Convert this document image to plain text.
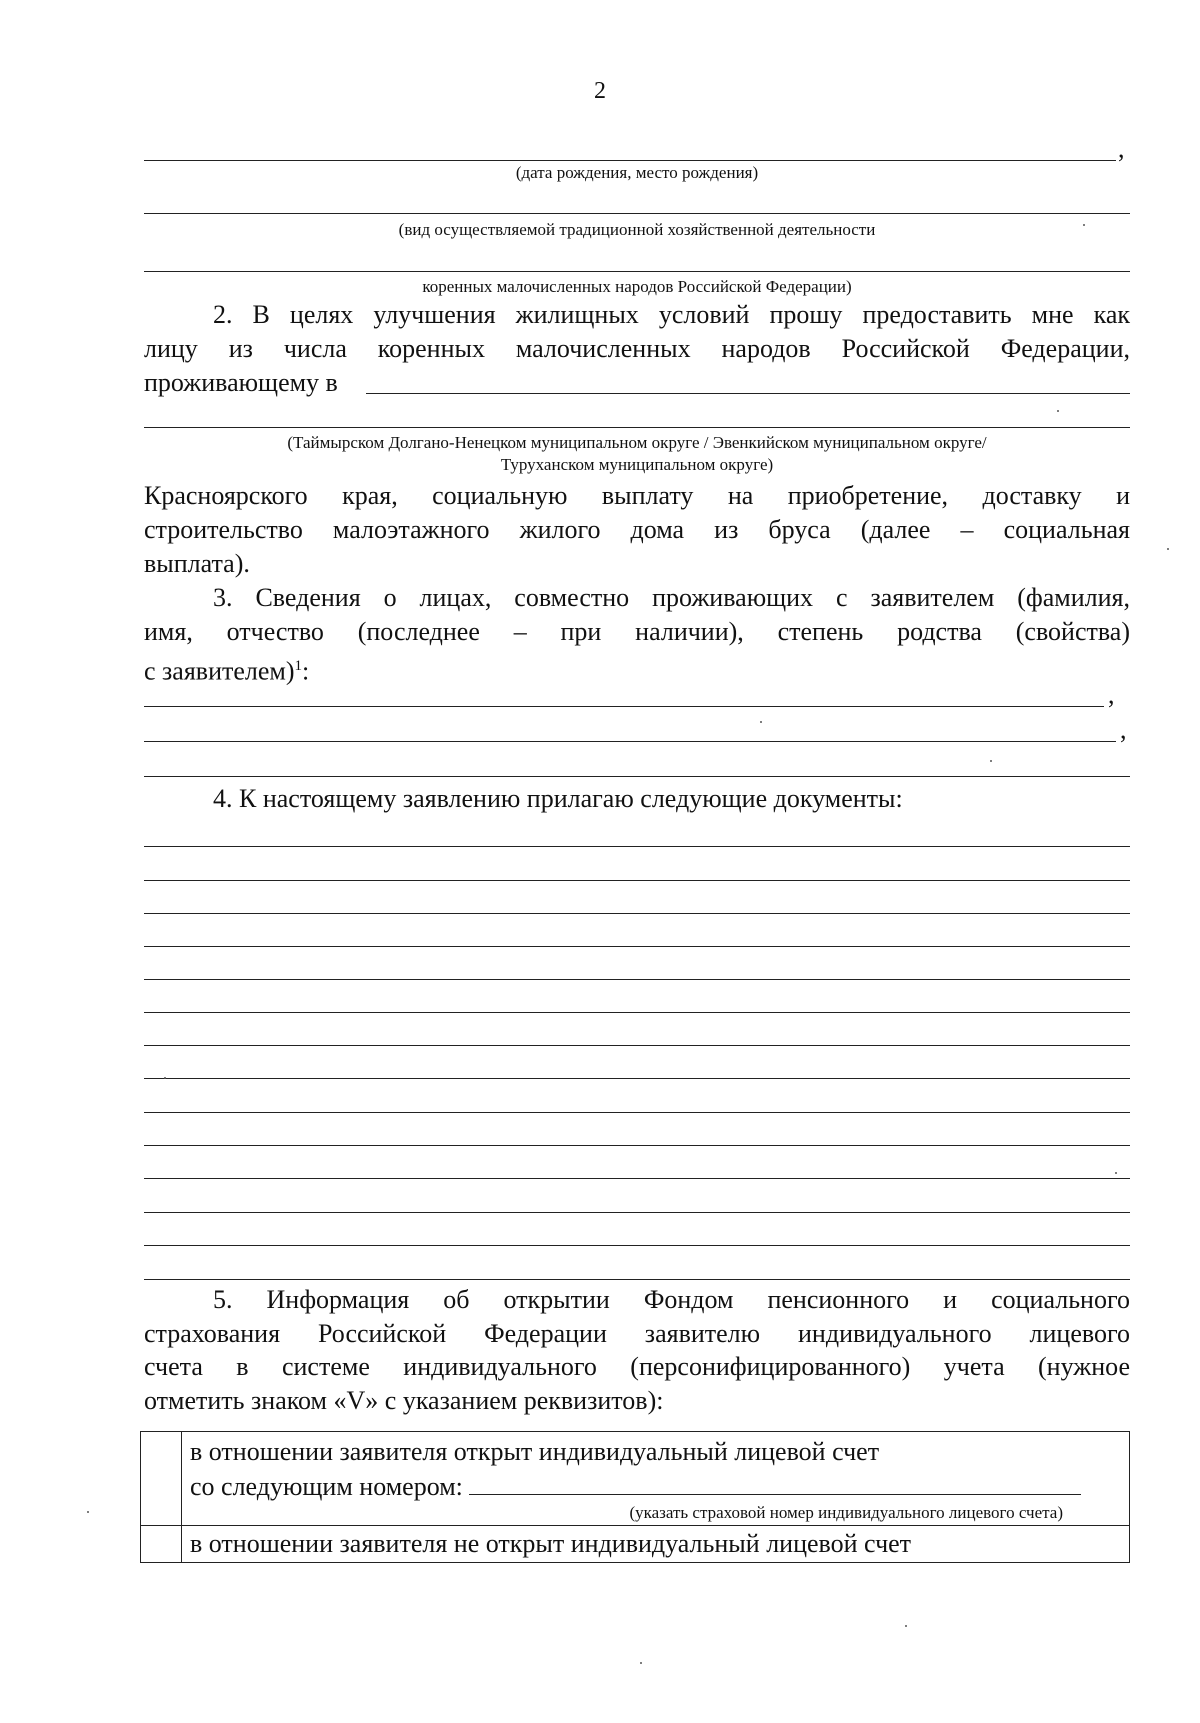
2
,
(дата рождения, место рождения)
(вид осуществляемой традиционной хозяйственной деятельности
коренных малочисленных народов Российской Федерации)
2. В целях улучшения жилищных условий прошу предоставить мне как
лицу из числа коренных малочисленных народов Российской Федерации,
проживающему в
(Таймырском Долгано-Ненецком муниципальном округе / Эвенкийском муниципальном округе/
Туруханском муниципальном округе)
Красноярского края, социальную выплату на приобретение, доставку и
строительство малоэтажного жилого дома из бруса (далее – социальная
выплата).
3. Сведения о лицах, совместно проживающих с заявителем (фамилия,
имя, отчество (последнее – при наличии), степень родства (свойства)
с заявителем)$^1$:
,
,
4. К настоящему заявлению прилагаю следующие документы:
5. Информация об открытии Фондом пенсионного и социального
страхования Российской Федерации заявителю индивидуального лицевого
счета в системе индивидуального (персонифицированного) учета (нужное
отметить знаком «V» с указанием реквизитов):

	в отношении заявителя открыт индивидуальный лицевой счет
со следующим номером:
(указать страховой номер индивидуального лицевого счета)

	в отношении заявителя не открыт индивидуальный лицевой счет
